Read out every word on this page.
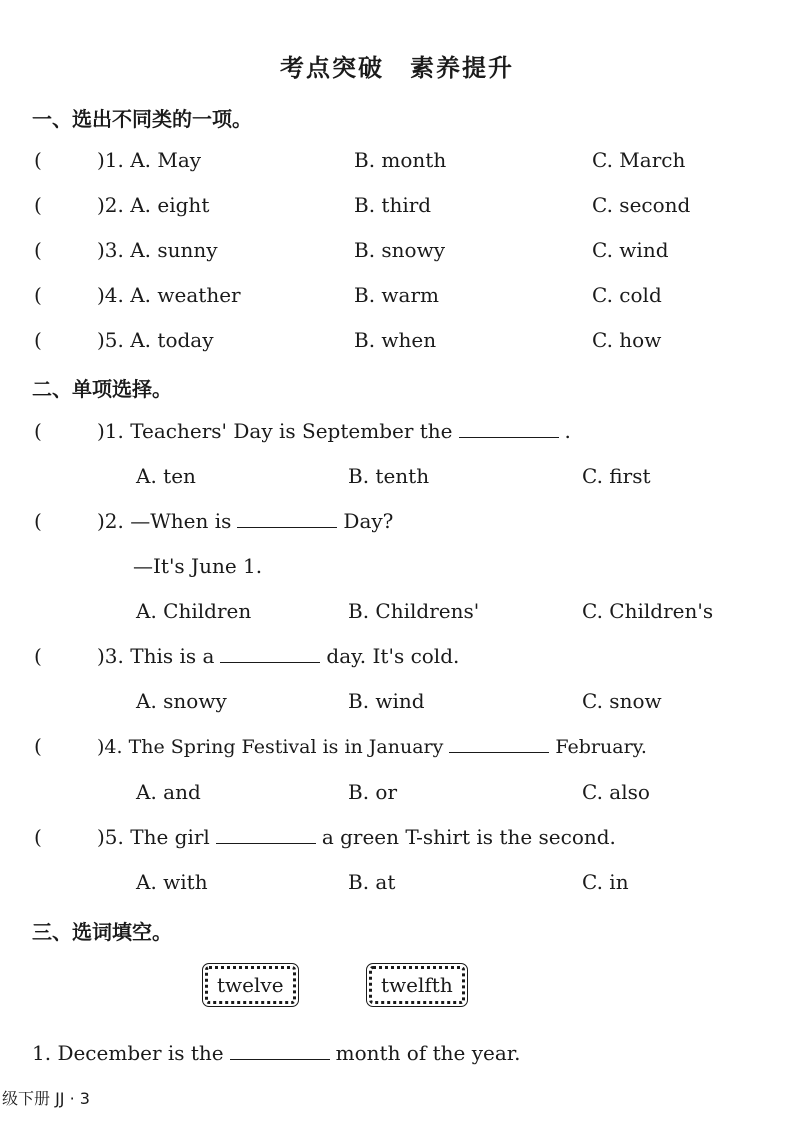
考点突破　素养提升
一、选出不同类的一项。
(	)1. A. May	B. month	C. March
(	)2. A. eight	B. third	C. second
(	)3. A. sunny	B. snowy	C. wind
(	)4. A. weather	B. warm	C. cold
(	)5. A. today	B. when	C. how
二、单项选择。
(	)1. Teachers' Day is September the	.
A. ten	B. tenth	C. first
(	)2. —When is	Day?
—It's June 1.
A. Children	B. Childrens'	C. Children's
(	)3. This is a	day. It's cold.
A. snowy	B. wind	C. snow
(	)4. The Spring Festival is in January	February.
A. and	B. or	C. also
(	)5. The girl	a green T-shirt is the second.
A. with	B. at	C. in
三、选词填空。
twelve	twelfth
1. December is the	month of the year.
级下册 JJ · 3
